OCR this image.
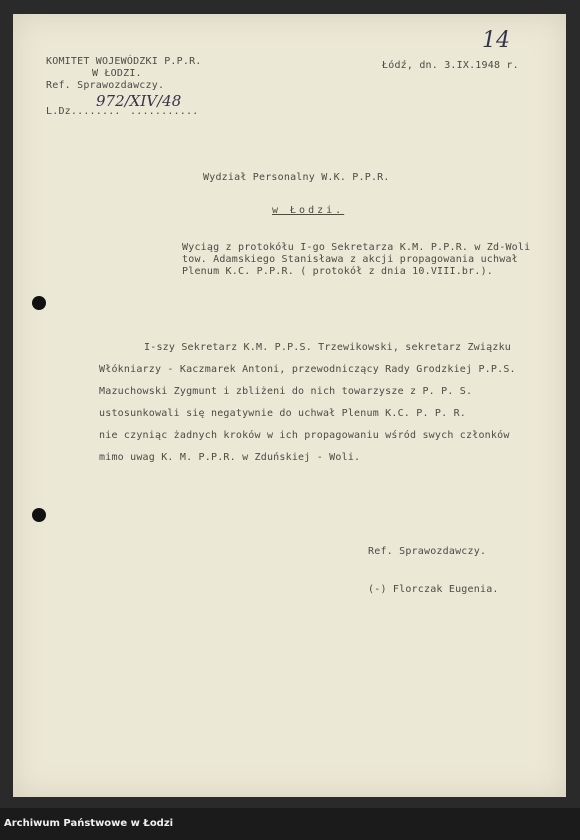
KOMITET WOJEWÓDZKI P.P.R.
W ŁODZI.
Ref. Sprawozdawczy.
L.Dz........
972/XIV/48
...........
14
Łódź, dn. 3.IX.1948 r.
Wydział Personalny W.K. P.P.R.
w Łodzi.
Wyciąg z protokółu I-go Sekretarza K.M. P.P.R. w Zd-Woli
tow. Adamskiego Stanisława z akcji propagowania uchwał
Plenum K.C. P.P.R. ( protokół z dnia 10.VIII.br.).
I-szy Sekretarz K.M. P.P.S. Trzewikowski, sekretarz Związku
Włókniarzy - Kaczmarek Antoni, przewodniczący Rady Grodzkiej P.P.S.
Mazuchowski Zygmunt i zbliżeni do nich towarzysze z P. P. S.
ustosunkowali się negatywnie do uchwał Plenum K.C. P. P. R.
nie czyniąc żadnych kroków w ich propagowaniu wśród swych członków
mimo uwag K. M. P.P.R. w Zduńskiej - Woli.
Ref. Sprawozdawczy.
(-) Florczak Eugenia.
Archiwum Państwowe w Łodzi
